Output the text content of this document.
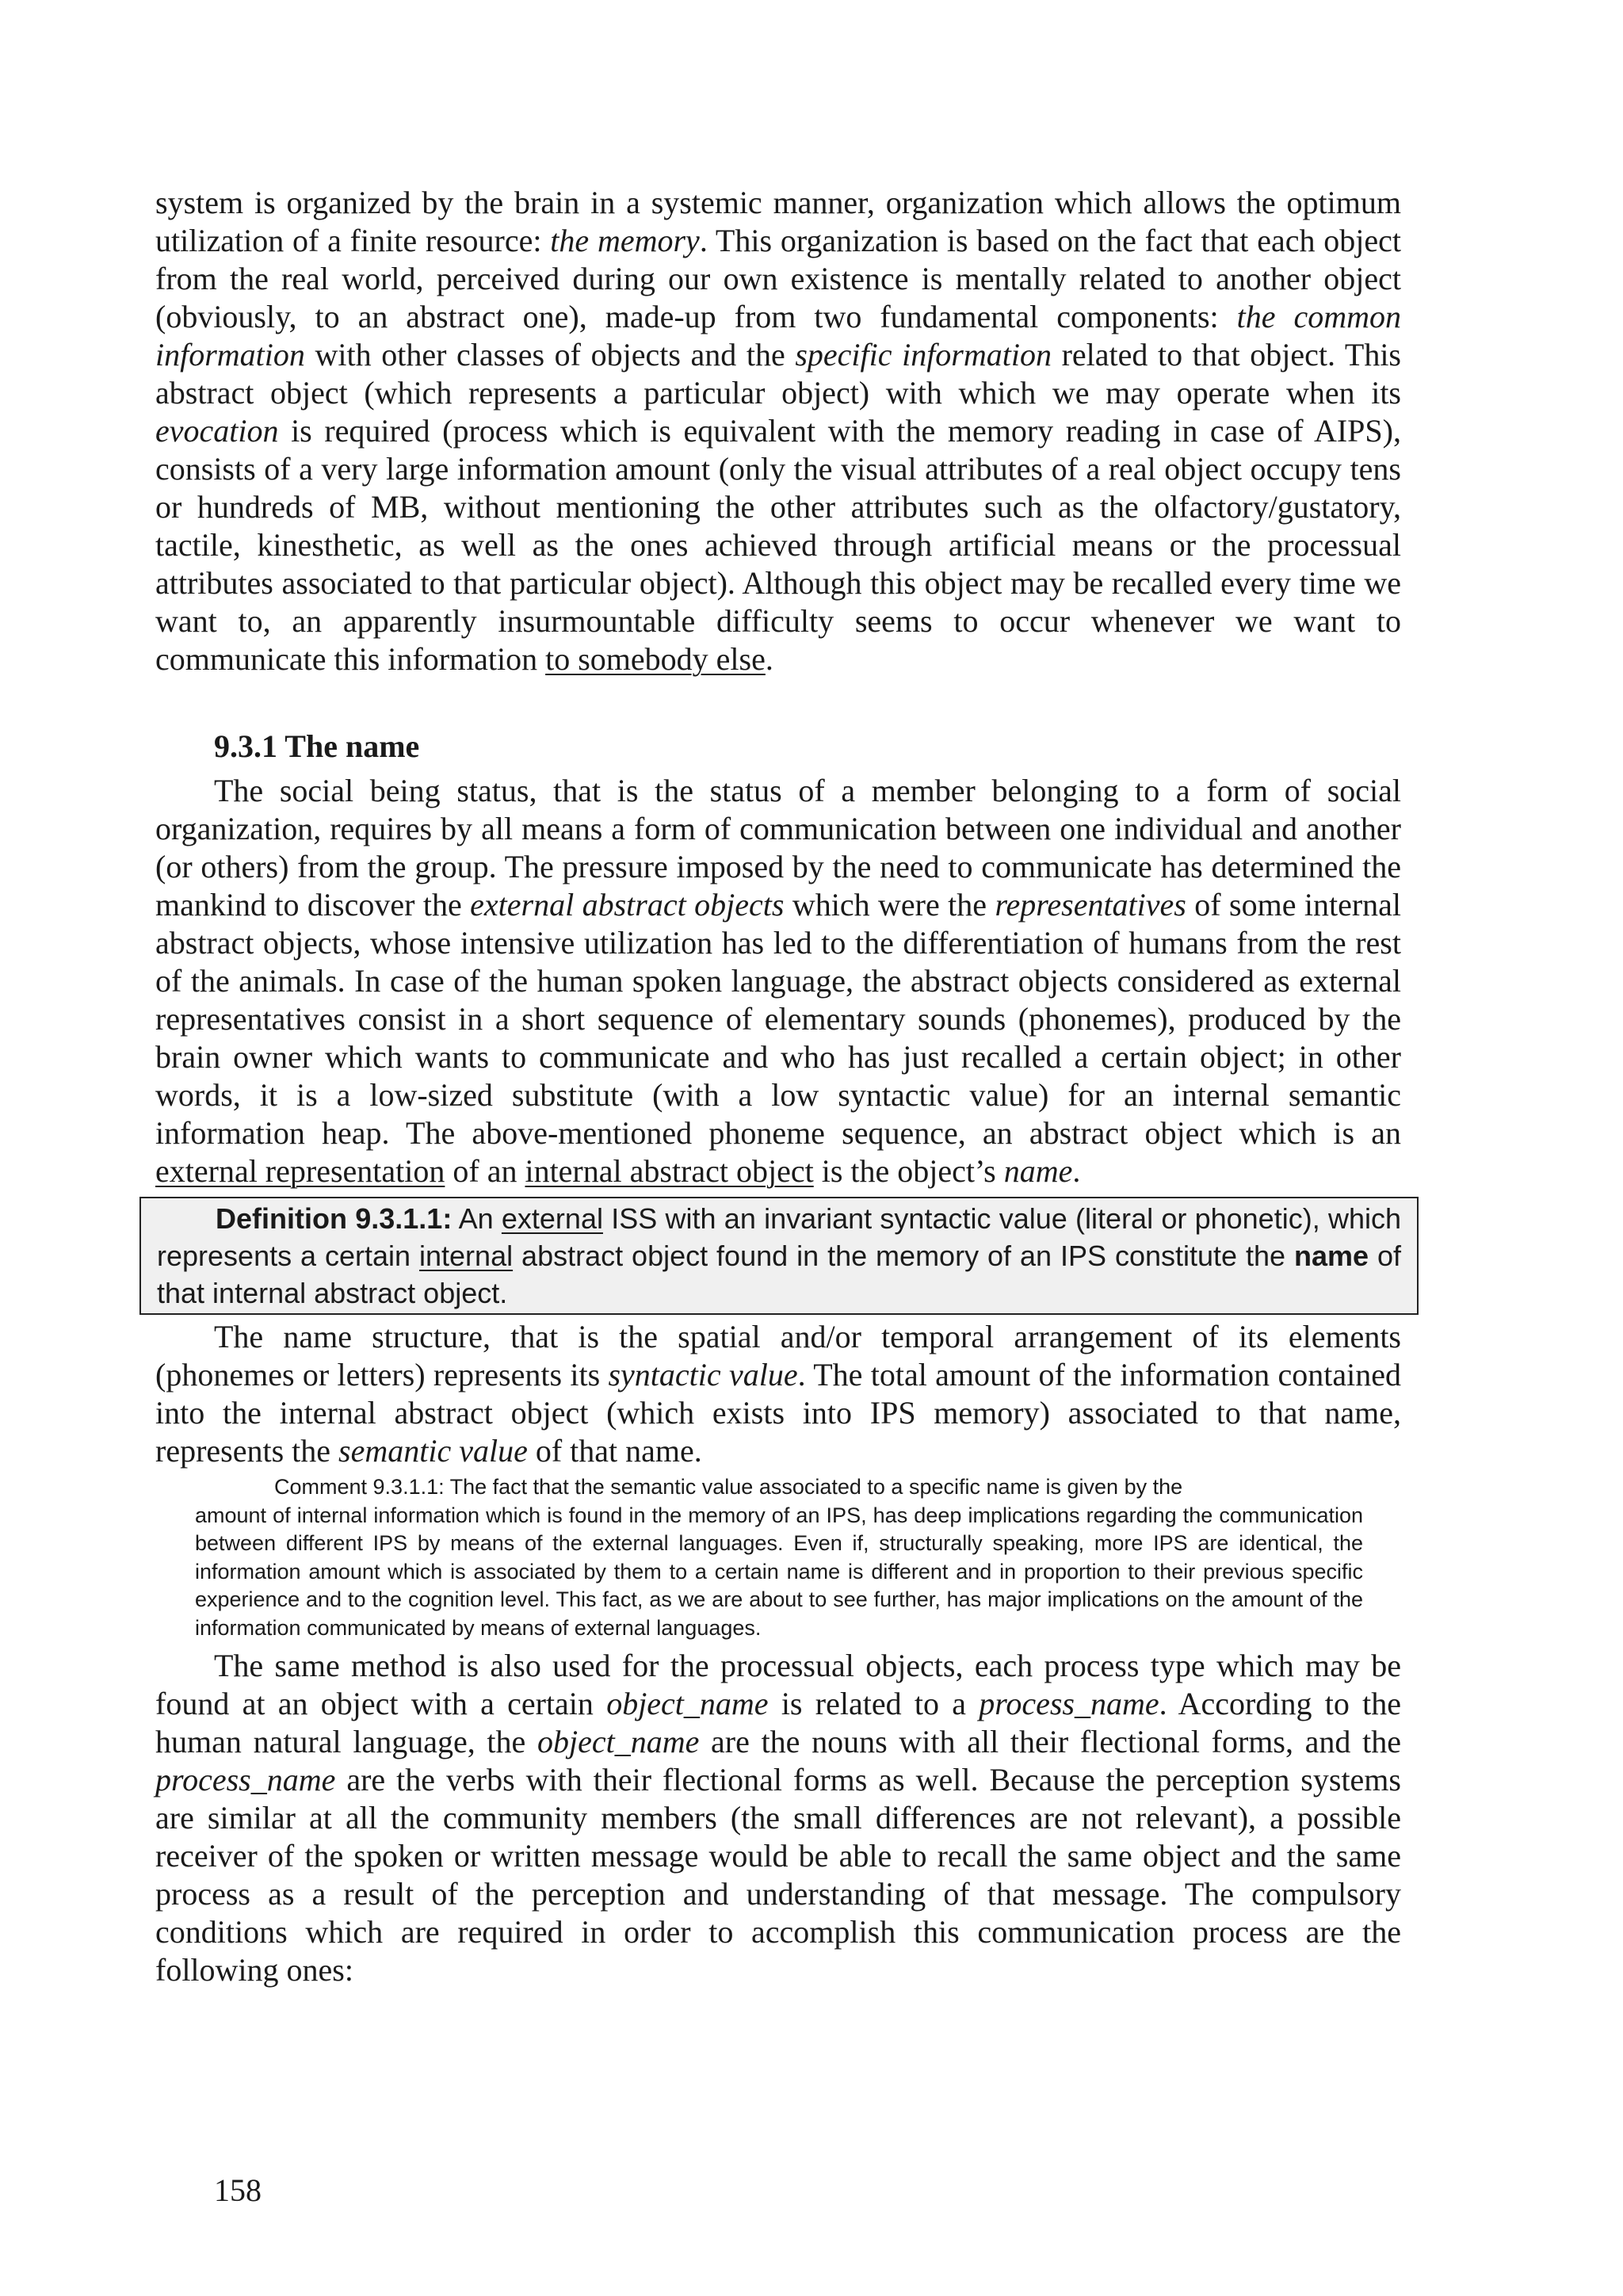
system is organized by the brain in a systemic manner, organization which allows the optimum utilization of a finite resource: the memory. This organization is based on the fact that each object from the real world, perceived during our own existence is mentally related to another object (obviously, to an abstract one), made-up from two fundamental components: the common information with other classes of objects and the specific information related to that object. This abstract object (which represents a particular object) with which we may operate when its evocation is required (process which is equivalent with the memory reading in case of AIPS), consists of a very large information amount (only the visual attributes of a real object occupy tens or hundreds of MB, without mentioning the other attributes such as the olfactory/gustatory, tactile, kinesthetic, as well as the ones achieved through artificial means or the processual attributes associated to that particular object). Although this object may be recalled every time we want to, an apparently insurmountable difficulty seems to occur whenever we want to communicate this information to somebody else.

9.3.1 The name

The social being status, that is the status of a member belonging to a form of social organization, requires by all means a form of communication between one individual and another (or others) from the group. The pressure imposed by the need to communicate has determined the mankind to discover the external abstract objects which were the representatives of some internal abstract objects, whose intensive utilization has led to the differentiation of humans from the rest of the animals. In case of the human spoken language, the abstract objects considered as external representatives consist in a short sequence of elementary sounds (phonemes), produced by the brain owner which wants to communicate and who has just recalled a certain object; in other words, it is a low-sized substitute (with a low syntactic value) for an internal semantic information heap. The above-mentioned phoneme sequence, an abstract object which is an external representation of an internal abstract object is the object’s name.

Definition 9.3.1.1: An external ISS with an invariant syntactic value (literal or phonetic), which represents a certain internal abstract object found in the memory of an IPS constitute the name of that internal abstract object.

The name structure, that is the spatial and/or temporal arrangement of its elements (phonemes or letters) represents its syntactic value. The total amount of the information contained into the internal abstract object (which exists into IPS memory) associated to that name, represents the semantic value of that name.

Comment 9.3.1.1: The fact that the semantic value associated to a specific name is given by the
amount of internal information which is found in the memory of an IPS, has deep implications regarding the communication between different IPS by means of the external languages. Even if, structurally speaking, more IPS are identical, the information amount which is associated by them to a certain name is different and in proportion to their previous specific experience and to the cognition level. This fact, as we are about to see further, has major implications on the amount of the information communicated by means of external languages.

The same method is also used for the processual objects, each process type which may be found at an object with a certain object_name is related to a process_name. According to the human natural language, the object_name are the nouns with all their flectional forms, and the process_name are the verbs with their flectional forms as well. Because the perception systems are similar at all the community members (the small differences are not relevant), a possible receiver of the spoken or written message would be able to recall the same object and the same process as a result of the perception and understanding of that message. The compulsory conditions which are required in order to accomplish this communication process are the following ones:

158
